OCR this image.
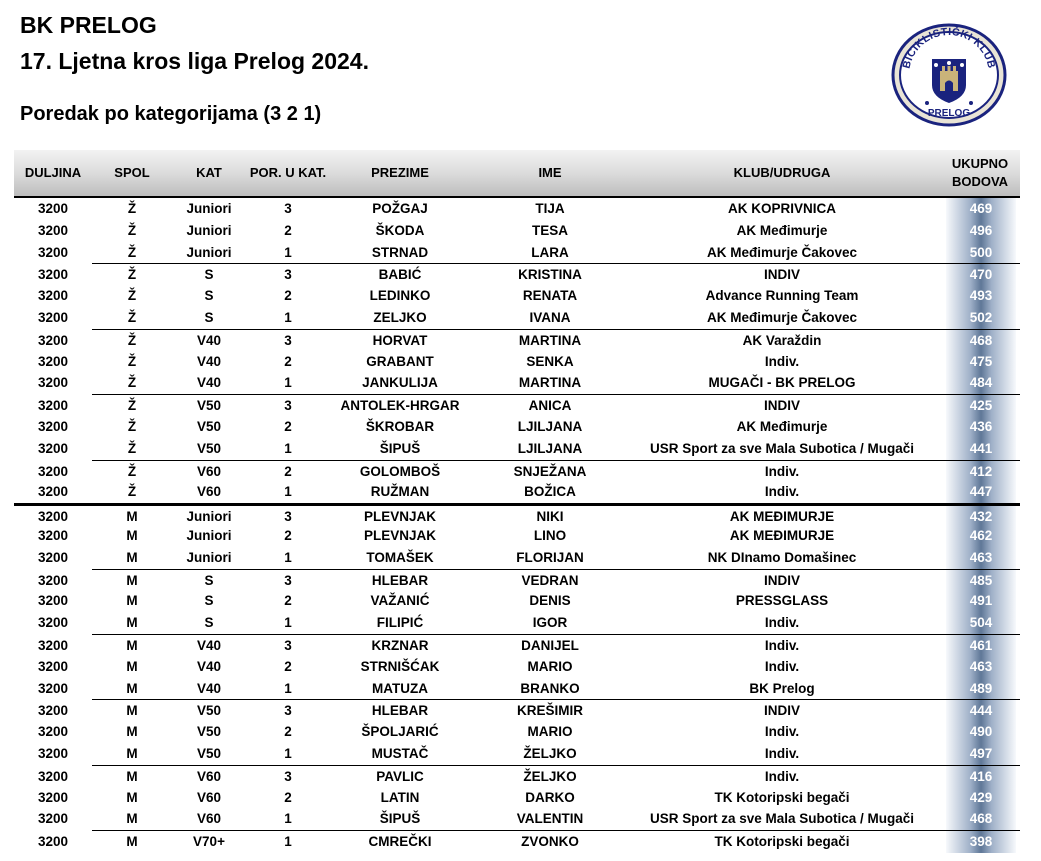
BK PRELOG
17. Ljetna kros liga Prelog 2024.
Poredak po kategorijama (3 2 1)
BICIKLISTIČKI KLUB
PRELOG
DULJINA	SPOL	KAT	POR. U KAT.	PREZIME	IME	KLUB/UDRUGA
UKUPNO BODOVA
3200	Ž	Juniori	3	POŽGAJ	TIJA	AK KOPRIVNICA	469
3200	Ž	Juniori	2	ŠKODA	TESA	AK Međimurje	496
3200	Ž	Juniori	1	STRNAD	LARA	AK Međimurje Čakovec	500
3200	Ž	S	3	BABIĆ	KRISTINA	INDIV	470
3200	Ž	S	2	LEDINKO	RENATA	Advance Running Team	493
3200	Ž	S	1	ZELJKO	IVANA	AK Međimurje Čakovec	502
3200	Ž	V40	3	HORVAT	MARTINA	AK Varaždin	468
3200	Ž	V40	2	GRABANT	SENKA	Indiv.	475
3200	Ž	V40	1	JANKULIJA	MARTINA	MUGAČI - BK PRELOG	484
3200	Ž	V50	3	ANTOLEK-HRGAR	ANICA	INDIV	425
3200	Ž	V50	2	ŠKROBAR	LJILJANA	AK Međimurje	436
3200	Ž	V50	1	ŠIPUŠ	LJILJANA	USR Sport za sve Mala Subotica / Mugači	441
3200	Ž	V60	2	GOLOMBOŠ	SNJEŽANA	Indiv.	412
3200	Ž	V60	1	RUŽMAN	BOŽICA	Indiv.	447
3200	M	Juniori	3	PLEVNJAK	NIKI	AK MEĐIMURJE	432
3200	M	Juniori	2	PLEVNJAK	LINO	AK MEĐIMURJE	462
3200	M	Juniori	1	TOMAŠEK	FLORIJAN	NK DInamo Domašinec	463
3200	M	S	3	HLEBAR	VEDRAN	INDIV	485
3200	M	S	2	VAŽANIĆ	DENIS	PRESSGLASS	491
3200	M	S	1	FILIPIĆ	IGOR	Indiv.	504
3200	M	V40	3	KRZNAR	DANIJEL	Indiv.	461
3200	M	V40	2	STRNIŠĆAK	MARIO	Indiv.	463
3200	M	V40	1	MATUZA	BRANKO	BK Prelog	489
3200	M	V50	3	HLEBAR	KREŠIMIR	INDIV	444
3200	M	V50	2	ŠPOLJARIĆ	MARIO	Indiv.	490
3200	M	V50	1	MUSTAČ	ŽELJKO	Indiv.	497
3200	M	V60	3	PAVLIC	ŽELJKO	Indiv.	416
3200	M	V60	2	LATIN	DARKO	TK Kotoripski begači	429
3200	M	V60	1	ŠIPUŠ	VALENTIN	USR Sport za sve Mala Subotica / Mugači	468
3200	M	V70+	1	CMREČKI	ZVONKO	TK Kotoripski begači	398
